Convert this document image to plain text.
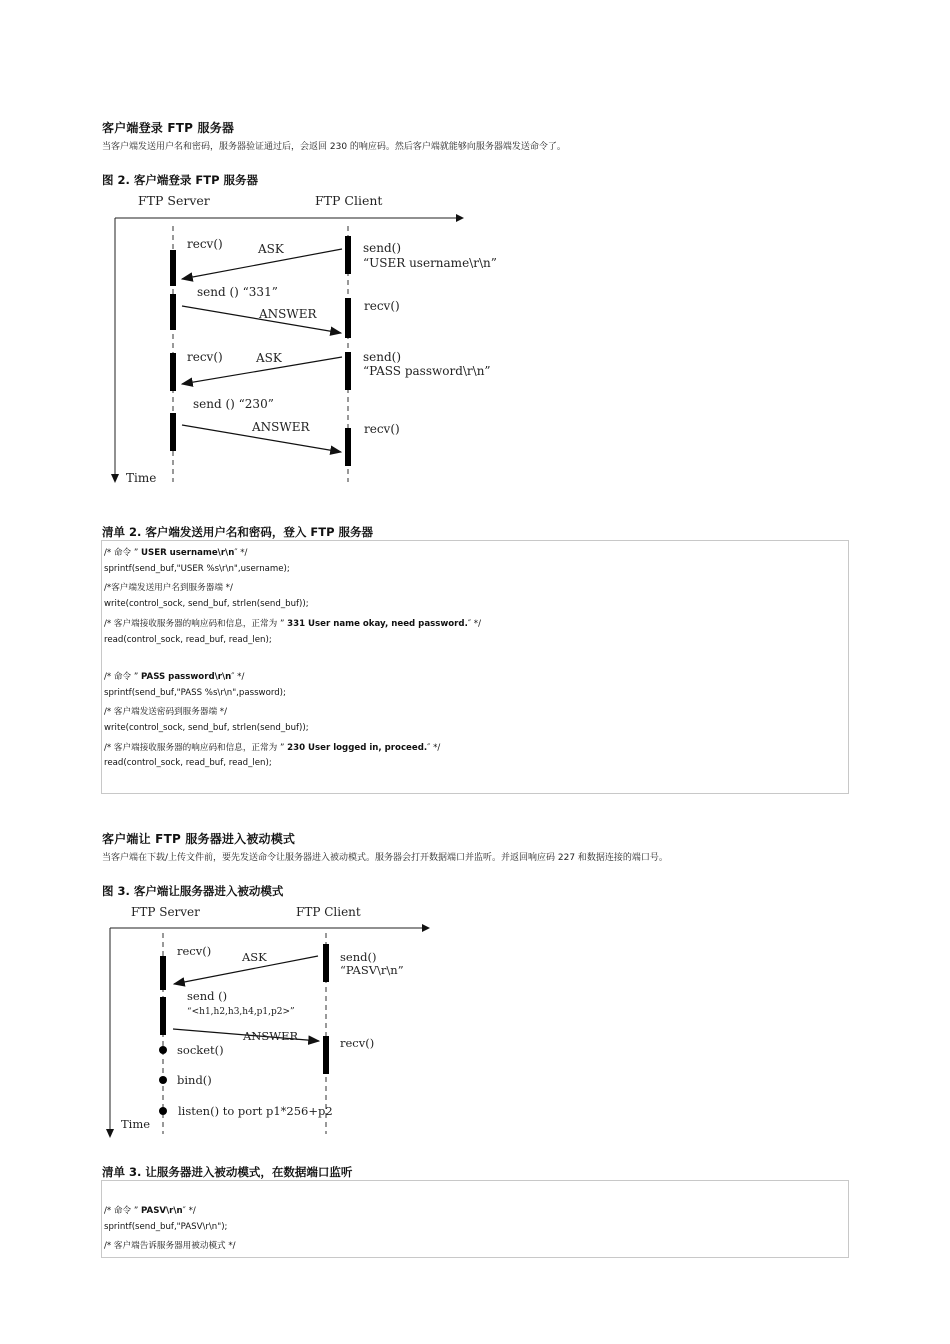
客户端登录 FTP 服务器

当客户端发送用户名和密码，服务器验证通过后，会返回 230 的响应码。然后客户端就能够向服务器端发送命令了。

图 2. 客户端登录 FTP 服务器
FTP Server	FTP Client
Time
recv()	ASK	send()
“USER username\r\n”
send () “331”
ANSWER
recv()
recv()	ASK	send()
“PASS password\r\n”
send () “230”
ANSWER	recv()
清单 2. 客户端发送用户名和密码，登入 FTP 服务器
/* 命令 ” USER username\r\n″ */
sprintf(send_buf,"USER %s\r\n",username);
/*客户端发送用户名到服务器端 */
write(control_sock, send_buf, strlen(send_buf));
/* 客户端接收服务器的响应码和信息，正常为 ” 331 User name okay, need password.″ */
read(control_sock, read_buf, read_len);
/* 命令 ” PASS password\r\n″ */
sprintf(send_buf,"PASS %s\r\n",password);
/* 客户端发送密码到服务器端 */
write(control_sock, send_buf, strlen(send_buf));
/* 客户端接收服务器的响应码和信息，正常为 ” 230 User logged in, proceed.″ */
read(control_sock, read_buf, read_len);
客户端让 FTP 服务器进入被动模式

当客户端在下载/上传文件前，要先发送命令让服务器进入被动模式。服务器会打开数据端口并监听。并返回响应码 227 和数据连接的端口号。

图 3. 客户端让服务器进入被动模式
FTP Server	FTP Client
Time
recv()	ASK	send()
“PASV\r\n”
send ()
“<h1,h2,h3,h4,p1,p2>”
ANSWER	recv()
socket()
bind()
listen() to port p1*256+p2
清单 3. 让服务器进入被动模式，在数据端口监听
/* 命令 ” PASV\r\n″ */
sprintf(send_buf,"PASV\r\n");
/* 客户端告诉服务器用被动模式 */
